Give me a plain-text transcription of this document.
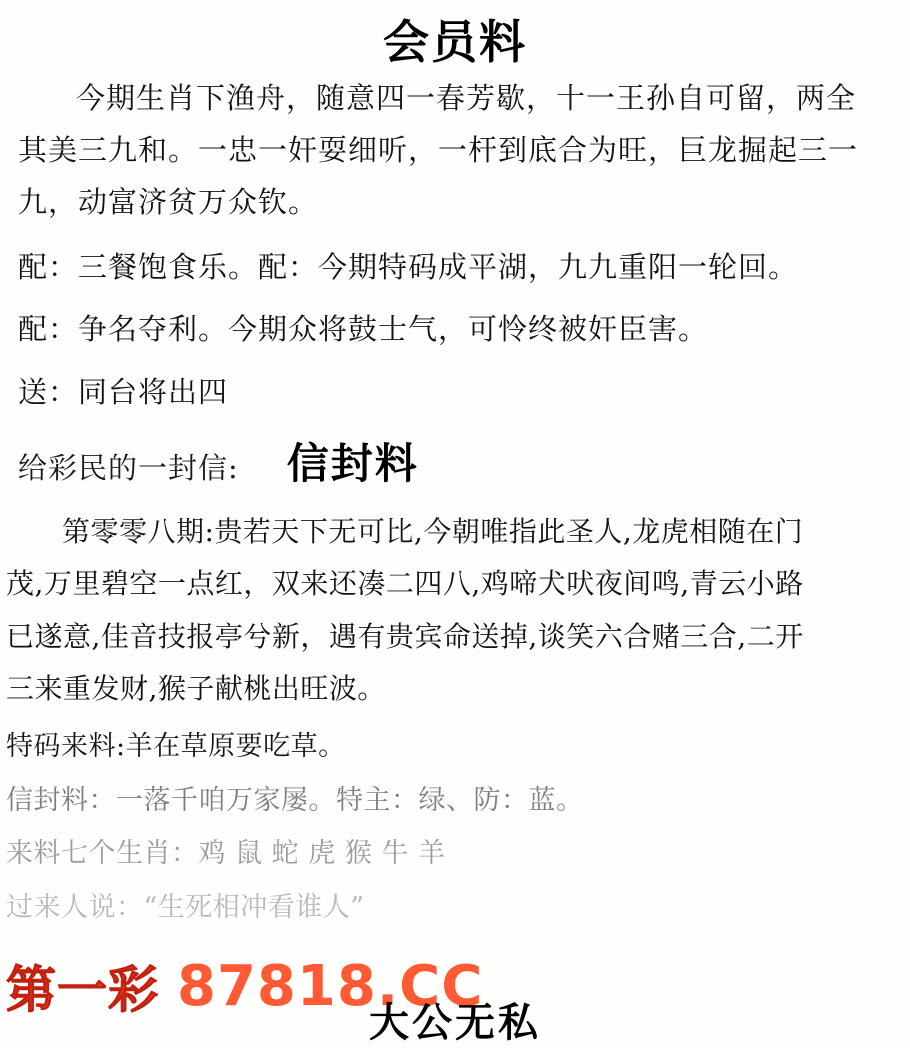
会员料
今期生肖下渔舟，随意四一春芳歇，十一王孙自可留，两全
其美三九和。一忠一奸耍细听，一杆到底合为旺，巨龙掘起三一
九，动富济贫万众钦。
配：三餐饱食乐。配：今期特码成平湖，九九重阳一轮回。
配：争名夺利。今期众将鼓士气，可怜终被奸臣害。
送：同台将出四
给彩民的一封信: 信封料
第零零八期:贵若天下无可比,今朝唯指此圣人,龙虎相随在门
茂,万里碧空一点红，双来还凑二四八,鸡啼犬吠夜间鸣,青云小路
已遂意,佳音技报亭兮新，遇有贵宾命送掉,谈笑六合赌三合,二开
三来重发财,猴子献桃出旺波。
特码来料:羊在草原要吃草。
信封料：一落千咱万家屡。特主：绿、防：蓝。
来料七个生肖：鸡 鼠 蛇 虎 猴 牛 羊
过来人说：“生死相冲看谁人”
第一彩 87818.CC
大公无私
